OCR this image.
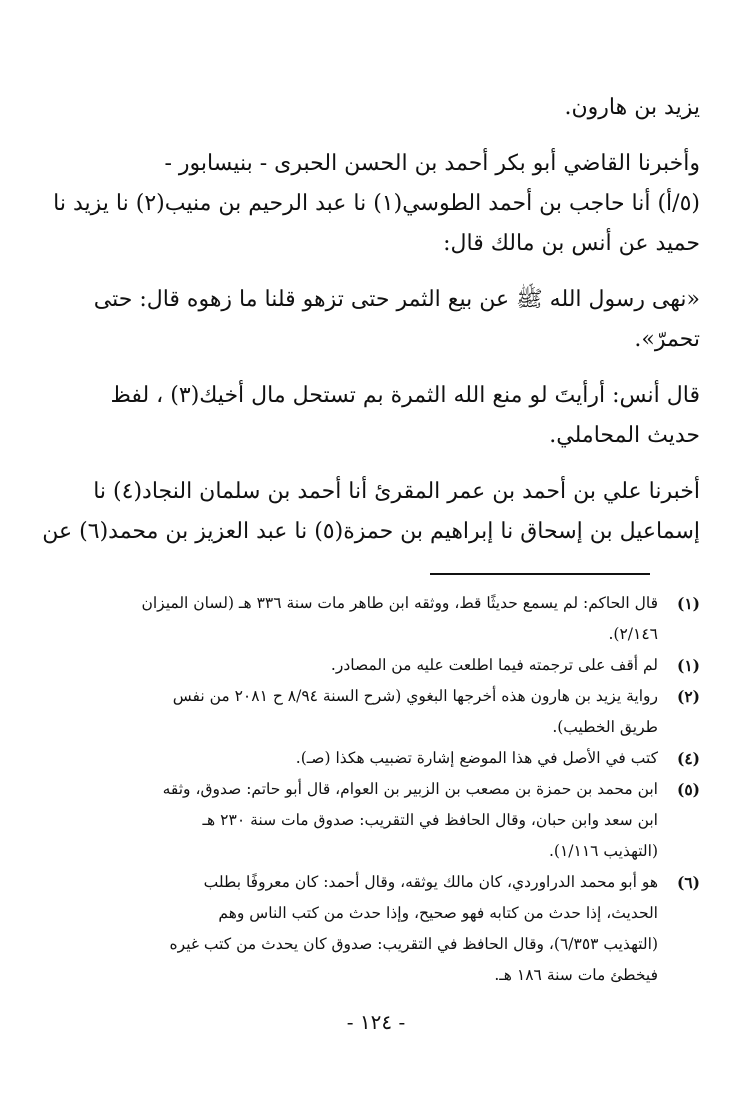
يزيد بن هارون.

وأخبرنا القاضي أبو بكر أحمد بن الحسن الحبرى - بنيسابور -

(٥/أ) أنا حاجب بن أحمد الطوسي(١) نا عبد الرحيم بن منيب(٢) نا يزيد نا

حميد عن أنس بن مالك قال:

«نهى رسول الله ﷺ عن بيع الثمر حتى تزهو قلنا ما زهوه قال: حتى

تحمرّ».

قال أنس: أرأيتَ لو منع الله الثمرة بم تستحل مال أخيك(٣) ، لفظ

حديث المحاملي.

أخبرنا علي بن أحمد بن عمر المقرئ أنا أحمد بن سلمان النجاد(٤) نا

إسماعيل بن إسحاق نا إبراهيم بن حمزة(٥) نا عبد العزيز بن محمد(٦) عن

(١)
قال الحاكم: لم يسمع حديثًا قط، ووثقه ابن طاهر مات سنة ٣٣٦ هـ (لسان الميزان
٢/١٤٦).
(١)
لم أقف على ترجمته فيما اطلعت عليه من المصادر.
(٢)
رواية يزيد بن هارون هذه أخرجها البغوي (شرح السنة ٨/٩٤ ح ٢٠٨١ من نفس
طريق الخطيب).
(٤)
كتب في الأصل في هذا الموضع إشارة تضبيب هكذا (صـ).
(٥)
ابن محمد بن حمزة بن مصعب بن الزبير بن العوام، قال أبو حاتم: صدوق، وثقه
ابن سعد وابن حبان، وقال الحافظ في التقريب: صدوق مات سنة ٢٣٠ هـ
(التهذيب ١/١١٦).
(٦)
هو أبو محمد الدراوردي، كان مالك يوثقه، وقال أحمد: كان معروفًا بطلب
الحديث، إذا حدث من كتابه فهو صحيح، وإذا حدث من كتب الناس وهم
(التهذيب ٦/٣٥٣)، وقال الحافظ في التقريب: صدوق كان يحدث من كتب غيره
فيخطئ مات سنة ١٨٦ هـ.
- ١٢٤ -
